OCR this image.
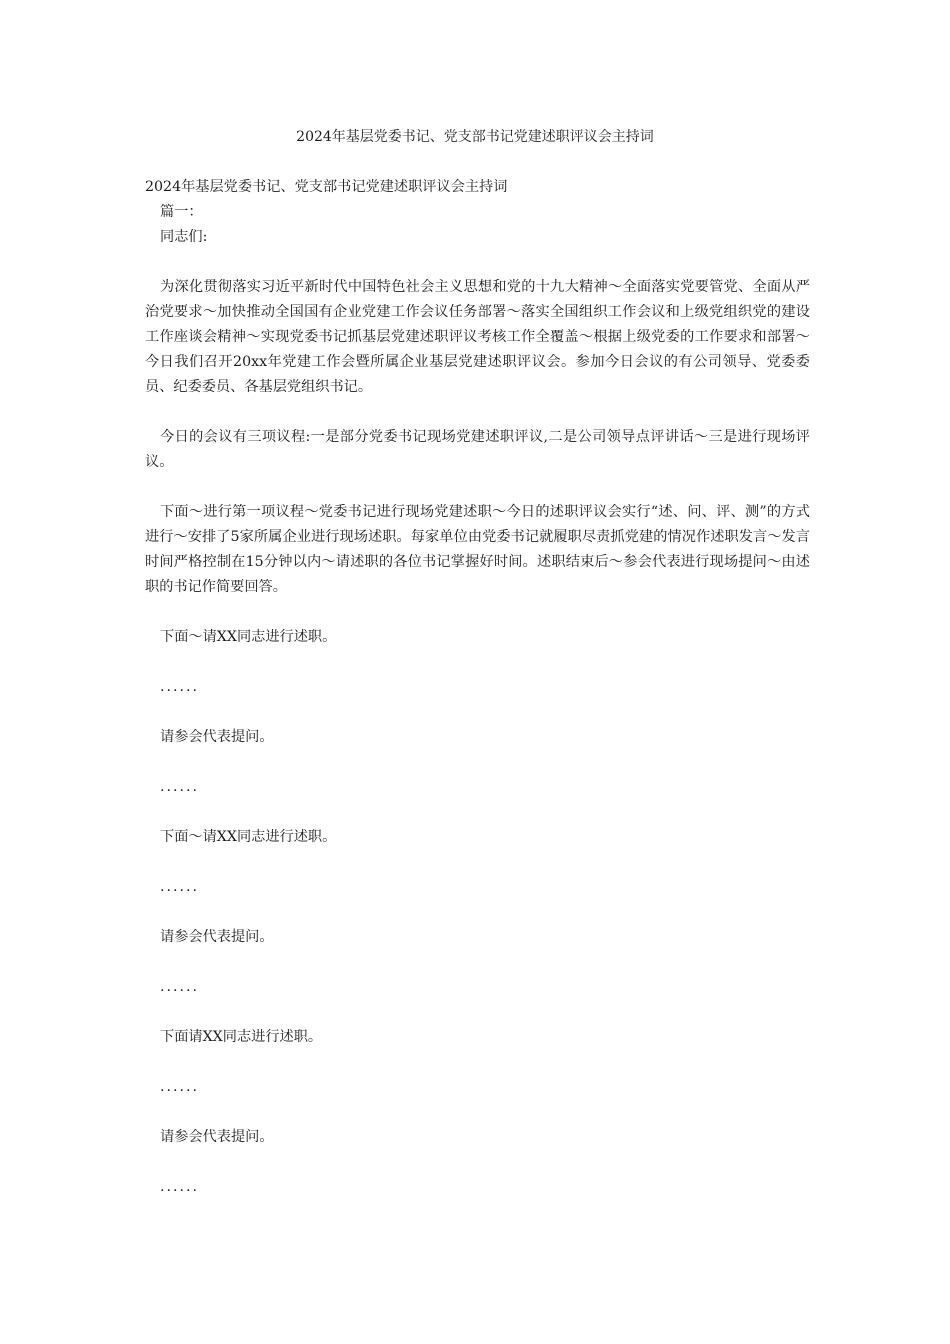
2024年基层党委书记、党支部书记党建述职评议会主持词
2024年基层党委书记、党支部书记党建述职评议会主持词
篇一：
同志们:

为深化贯彻落实习近平新时代中国特色社会主义思想和党的十九大精神～全面落实党要管党、全面从严治党要求～加快推动全国国有企业党建工作会议任务部署～落实全国组织工作会议和上级党组织党的建设工作座谈会精神～实现党委书记抓基层党建述职评议考核工作全覆盖～根据上级党委的工作要求和部署～今日我们召开20xx年党建工作会暨所属企业基层党建述职评议会。参加今日会议的有公司领导、党委委员、纪委委员、各基层党组织书记。

今日的会议有三项议程:一是部分党委书记现场党建述职评议,二是公司领导点评讲话～三是进行现场评议。

下面～进行第一项议程～党委书记进行现场党建述职～今日的述职评议会实行“述、问、评、测”的方式进行～安排了5家所属企业进行现场述职。每家单位由党委书记就履职尽责抓党建的情况作述职发言～发言时间严格控制在15分钟以内～请述职的各位书记掌握好时间。述职结束后～参会代表进行现场提问～由述职的书记作简要回答。

下面～请XX同志进行述职。
......
请参会代表提问。
......
下面～请XX同志进行述职。
......
请参会代表提问。
......
下面请XX同志进行述职。
......
请参会代表提问。
......
